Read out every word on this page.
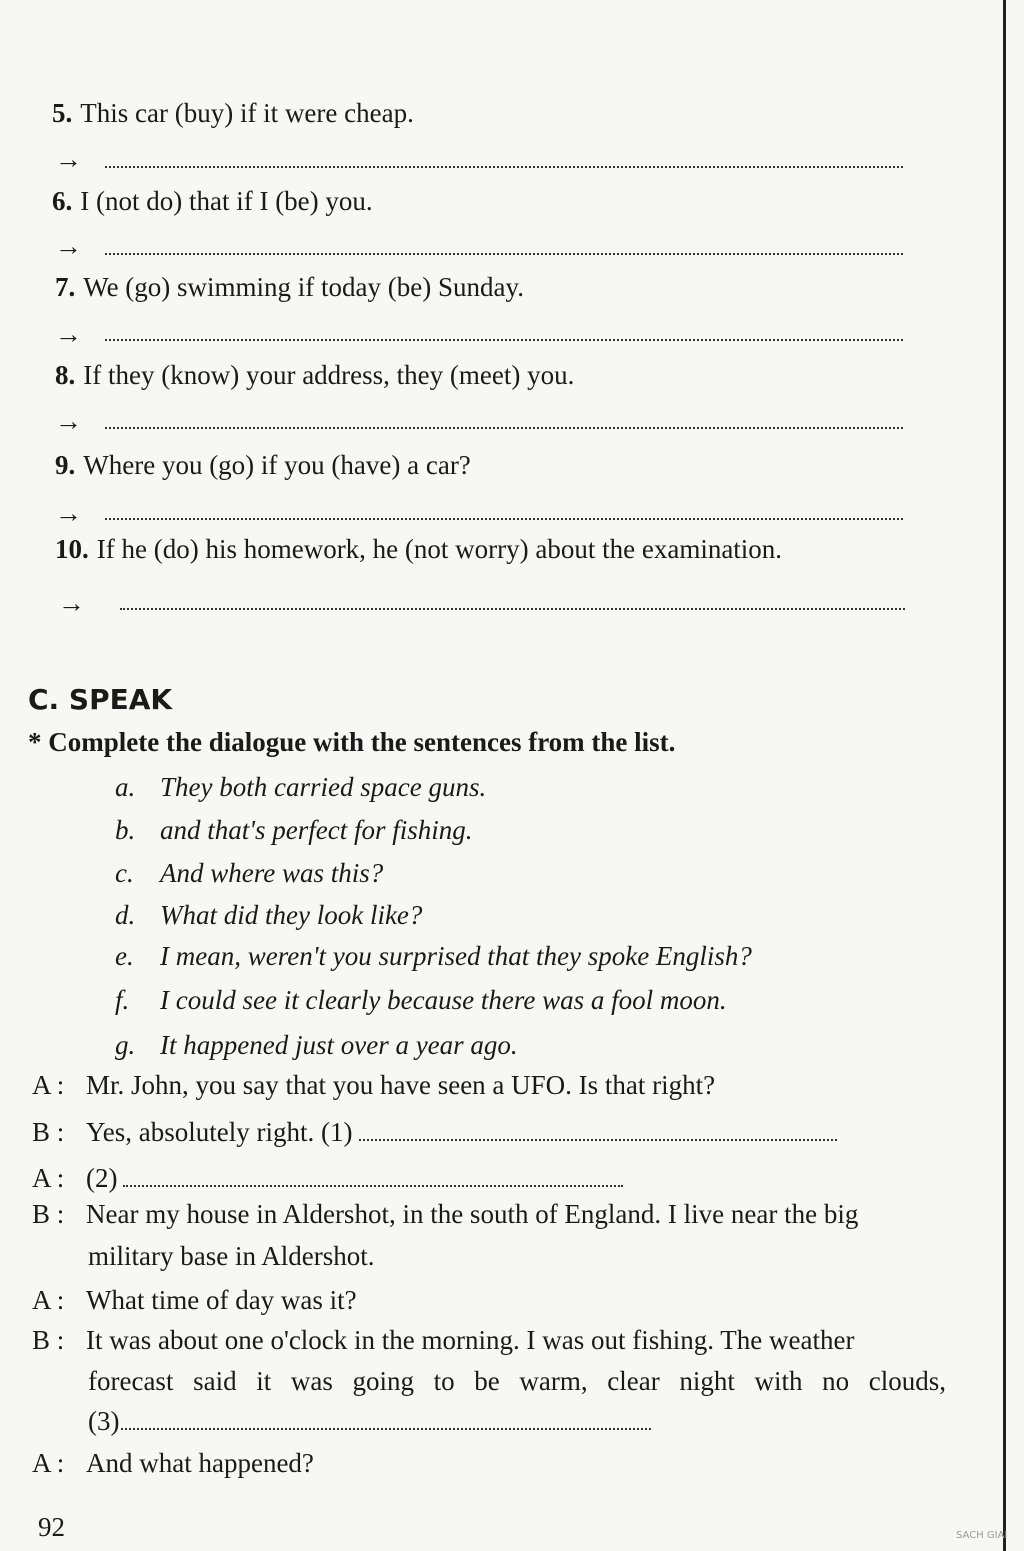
5. This car (buy) if it were cheap.
→
6. I (not do) that if I (be) you.
→
7. We (go) swimming if today (be) Sunday.
→
8. If they (know) your address, they (meet) you.
→
9. Where you (go) if you (have) a car?
→
10. If he (do) his homework, he (not worry) about the examination.
→
C. SPEAK
* Complete the dialogue with the sentences from the list.
a. They both carried space guns.
b. and that's perfect for fishing.
c. And where was this?
d. What did they look like?
e. I mean, weren't you surprised that they spoke English?
f. I could see it clearly because there was a fool moon.
g. It happened just over a year ago.
A : Mr. John, you say that you have seen a UFO. Is that right?
B : Yes, absolutely right. (1)
A : (2)
B : Near my house in Aldershot, in the south of England. I live near the big
military base in Aldershot.
A : What time of day was it?
B : It was about one o'clock in the morning. I was out fishing. The weather
forecast said it was going to be warm, clear night with no clouds,
(3)
A : And what happened?
92	SACH GIAI
